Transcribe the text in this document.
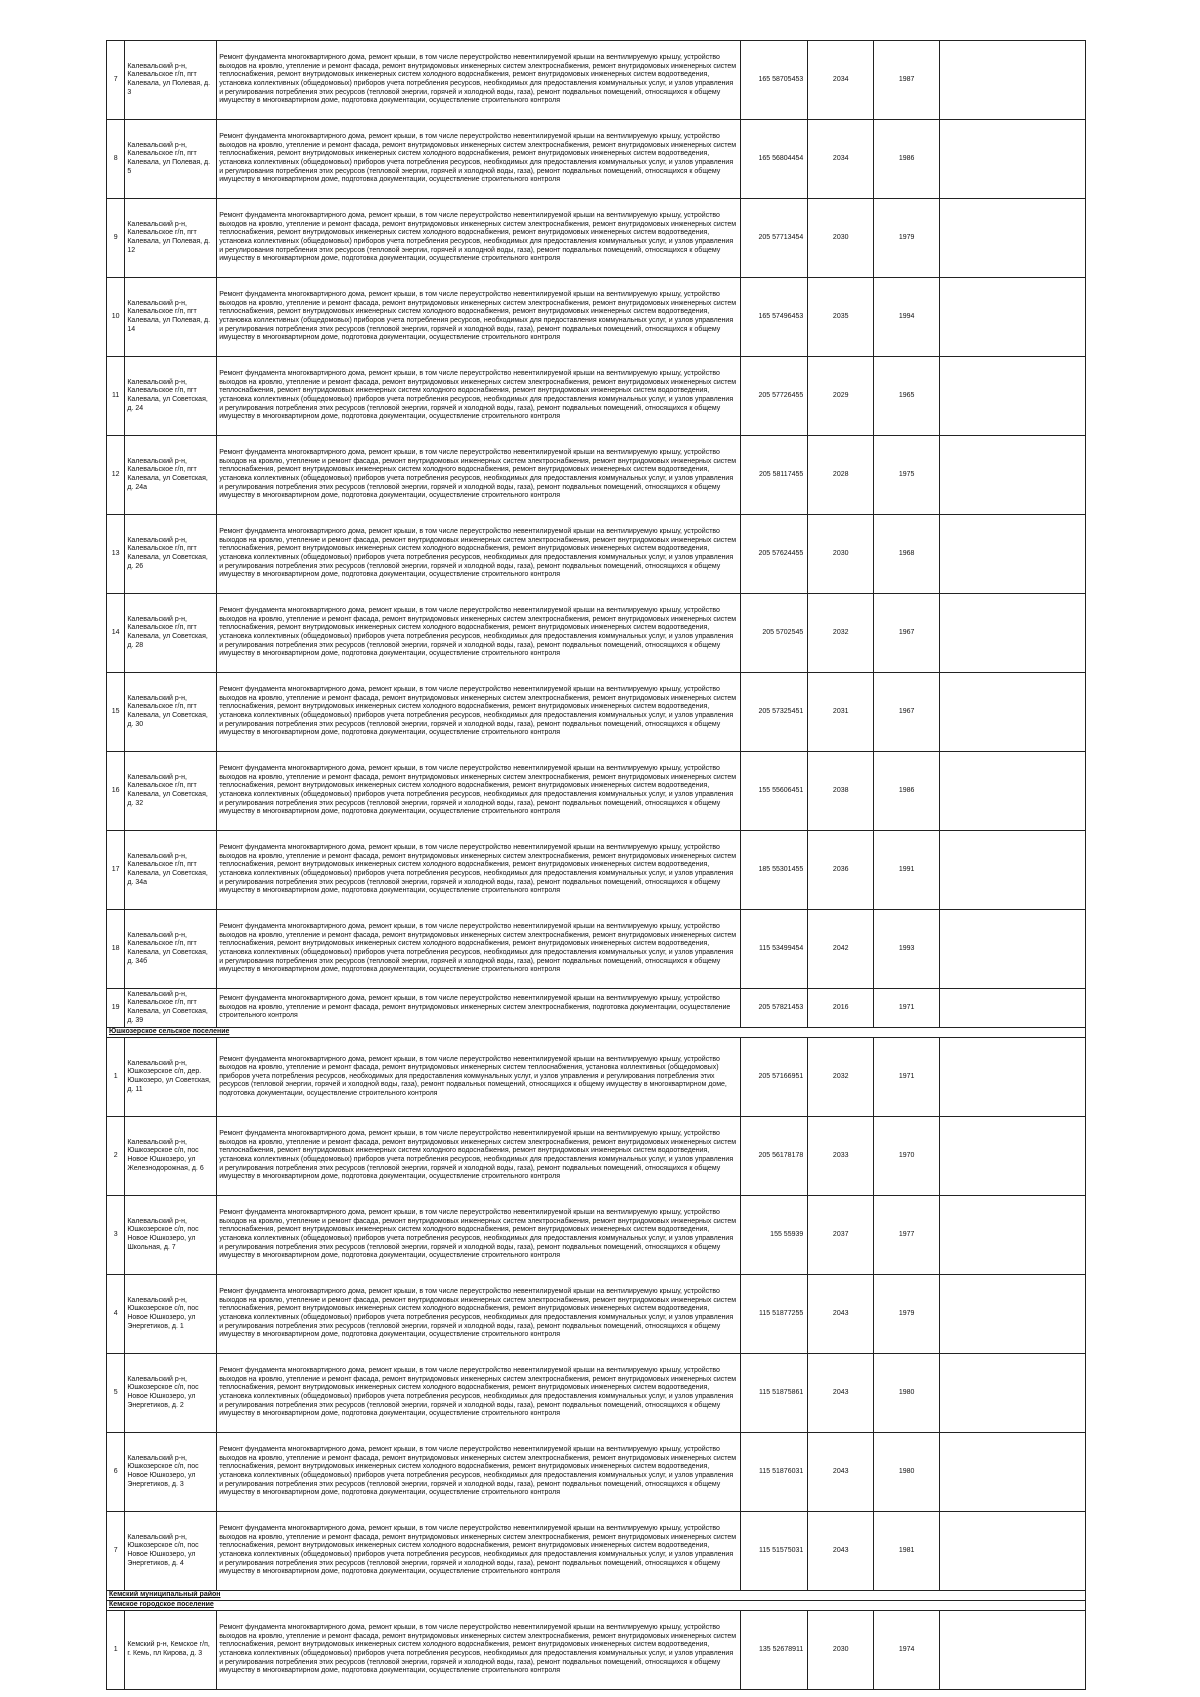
7	Калевальский р-н, Калевальское г/п, пгт Калевала, ул Полевая, д. 3	Ремонт фундамента многоквартирного дома, ремонт крыши, в том числе переустройство невентилируемой крыши на вентилируемую крышу, устройство выходов на кровлю, утепление и ремонт фасада, ремонт внутридомовых инженерных систем электроснабжения, ремонт внутридомовых инженерных систем теплоснабжения, ремонт внутридомовых инженерных систем холодного водоснабжения, ремонт внутридомовых инженерных систем водоотведения, установка коллективных (общедомовых) приборов учета потребления ресурсов, необходимых для предоставления коммунальных услуг, и узлов управления и регулирования потребления этих ресурсов (тепловой энергии, горячей и холодной воды, газа), ремонт подвальных помещений, относящихся к общему имуществу в многоквартирном доме, подготовка документации, осуществление строительного контроля	165 58705453	2034	1987	
8	Калевальский р-н, Калевальское г/п, пгт Калевала, ул Полевая, д. 5	Ремонт фундамента многоквартирного дома, ремонт крыши, в том числе переустройство невентилируемой крыши на вентилируемую крышу, устройство выходов на кровлю, утепление и ремонт фасада, ремонт внутридомовых инженерных систем электроснабжения, ремонт внутридомовых инженерных систем теплоснабжения, ремонт внутридомовых инженерных систем холодного водоснабжения, ремонт внутридомовых инженерных систем водоотведения, установка коллективных (общедомовых) приборов учета потребления ресурсов, необходимых для предоставления коммунальных услуг, и узлов управления и регулирования потребления этих ресурсов (тепловой энергии, горячей и холодной воды, газа), ремонт подвальных помещений, относящихся к общему имуществу в многоквартирном доме, подготовка документации, осуществление строительного контроля	165 56804454	2034	1986	
9	Калевальский р-н, Калевальское г/п, пгт Калевала, ул Полевая, д. 12	Ремонт фундамента многоквартирного дома, ремонт крыши, в том числе переустройство невентилируемой крыши на вентилируемую крышу, устройство выходов на кровлю, утепление и ремонт фасада, ремонт внутридомовых инженерных систем электроснабжения, ремонт внутридомовых инженерных систем теплоснабжения, ремонт внутридомовых инженерных систем холодного водоснабжения, ремонт внутридомовых инженерных систем водоотведения, установка коллективных (общедомовых) приборов учета потребления ресурсов, необходимых для предоставления коммунальных услуг, и узлов управления и регулирования потребления этих ресурсов (тепловой энергии, горячей и холодной воды, газа), ремонт подвальных помещений, относящихся к общему имуществу в многоквартирном доме, подготовка документации, осуществление строительного контроля	205 57713454	2030	1979	
10	Калевальский р-н, Калевальское г/п, пгт Калевала, ул Полевая, д. 14	Ремонт фундамента многоквартирного дома, ремонт крыши, в том числе переустройство невентилируемой крыши на вентилируемую крышу, устройство выходов на кровлю, утепление и ремонт фасада, ремонт внутридомовых инженерных систем электроснабжения, ремонт внутридомовых инженерных систем теплоснабжения, ремонт внутридомовых инженерных систем холодного водоснабжения, ремонт внутридомовых инженерных систем водоотведения, установка коллективных (общедомовых) приборов учета потребления ресурсов, необходимых для предоставления коммунальных услуг, и узлов управления и регулирования потребления этих ресурсов (тепловой энергии, горячей и холодной воды, газа), ремонт подвальных помещений, относящихся к общему имуществу в многоквартирном доме, подготовка документации, осуществление строительного контроля	165 57496453	2035	1994	
11	Калевальский р-н, Калевальское г/п, пгт Калевала, ул Советская, д. 24	Ремонт фундамента многоквартирного дома, ремонт крыши, в том числе переустройство невентилируемой крыши на вентилируемую крышу, устройство выходов на кровлю, утепление и ремонт фасада, ремонт внутридомовых инженерных систем электроснабжения, ремонт внутридомовых инженерных систем теплоснабжения, ремонт внутридомовых инженерных систем холодного водоснабжения, ремонт внутридомовых инженерных систем водоотведения, установка коллективных (общедомовых) приборов учета потребления ресурсов, необходимых для предоставления коммунальных услуг, и узлов управления и регулирования потребления этих ресурсов (тепловой энергии, горячей и холодной воды, газа), ремонт подвальных помещений, относящихся к общему имуществу в многоквартирном доме, подготовка документации, осуществление строительного контроля	205 57726455	2029	1965	
12	Калевальский р-н, Калевальское г/п, пгт Калевала, ул Советская, д. 24а	Ремонт фундамента многоквартирного дома, ремонт крыши, в том числе переустройство невентилируемой крыши на вентилируемую крышу, устройство выходов на кровлю, утепление и ремонт фасада, ремонт внутридомовых инженерных систем электроснабжения, ремонт внутридомовых инженерных систем теплоснабжения, ремонт внутридомовых инженерных систем холодного водоснабжения, ремонт внутридомовых инженерных систем водоотведения, установка коллективных (общедомовых) приборов учета потребления ресурсов, необходимых для предоставления коммунальных услуг, и узлов управления и регулирования потребления этих ресурсов (тепловой энергии, горячей и холодной воды, газа), ремонт подвальных помещений, относящихся к общему имуществу в многоквартирном доме, подготовка документации, осуществление строительного контроля	205 58117455	2028	1975	
13	Калевальский р-н, Калевальское г/п, пгт Калевала, ул Советская, д. 26	Ремонт фундамента многоквартирного дома, ремонт крыши, в том числе переустройство невентилируемой крыши на вентилируемую крышу, устройство выходов на кровлю, утепление и ремонт фасада, ремонт внутридомовых инженерных систем электроснабжения, ремонт внутридомовых инженерных систем теплоснабжения, ремонт внутридомовых инженерных систем холодного водоснабжения, ремонт внутридомовых инженерных систем водоотведения, установка коллективных (общедомовых) приборов учета потребления ресурсов, необходимых для предоставления коммунальных услуг, и узлов управления и регулирования потребления этих ресурсов (тепловой энергии, горячей и холодной воды, газа), ремонт подвальных помещений, относящихся к общему имуществу в многоквартирном доме, подготовка документации, осуществление строительного контроля	205 57624455	2030	1968	
14	Калевальский р-н, Калевальское г/п, пгт Калевала, ул Советская, д. 28	Ремонт фундамента многоквартирного дома, ремонт крыши, в том числе переустройство невентилируемой крыши на вентилируемую крышу, устройство выходов на кровлю, утепление и ремонт фасада, ремонт внутридомовых инженерных систем электроснабжения, ремонт внутридомовых инженерных систем теплоснабжения, ремонт внутридомовых инженерных систем холодного водоснабжения, ремонт внутридомовых инженерных систем водоотведения, установка коллективных (общедомовых) приборов учета потребления ресурсов, необходимых для предоставления коммунальных услуг, и узлов управления и регулирования потребления этих ресурсов (тепловой энергии, горячей и холодной воды, газа), ремонт подвальных помещений, относящихся к общему имуществу в многоквартирном доме, подготовка документации, осуществление строительного контроля	205 5702545	2032	1967	
15	Калевальский р-н, Калевальское г/п, пгт Калевала, ул Советская, д. 30	Ремонт фундамента многоквартирного дома, ремонт крыши, в том числе переустройство невентилируемой крыши на вентилируемую крышу, устройство выходов на кровлю, утепление и ремонт фасада, ремонт внутридомовых инженерных систем электроснабжения, ремонт внутридомовых инженерных систем теплоснабжения, ремонт внутридомовых инженерных систем холодного водоснабжения, ремонт внутридомовых инженерных систем водоотведения, установка коллективных (общедомовых) приборов учета потребления ресурсов, необходимых для предоставления коммунальных услуг, и узлов управления и регулирования потребления этих ресурсов (тепловой энергии, горячей и холодной воды, газа), ремонт подвальных помещений, относящихся к общему имуществу в многоквартирном доме, подготовка документации, осуществление строительного контроля	205 57325451	2031	1967	
16	Калевальский р-н, Калевальское г/п, пгт Калевала, ул Советская, д. 32	Ремонт фундамента многоквартирного дома, ремонт крыши, в том числе переустройство невентилируемой крыши на вентилируемую крышу, устройство выходов на кровлю, утепление и ремонт фасада, ремонт внутридомовых инженерных систем электроснабжения, ремонт внутридомовых инженерных систем теплоснабжения, ремонт внутридомовых инженерных систем холодного водоснабжения, ремонт внутридомовых инженерных систем водоотведения, установка коллективных (общедомовых) приборов учета потребления ресурсов, необходимых для предоставления коммунальных услуг, и узлов управления и регулирования потребления этих ресурсов (тепловой энергии, горячей и холодной воды, газа), ремонт подвальных помещений, относящихся к общему имуществу в многоквартирном доме, подготовка документации, осуществление строительного контроля	155 55606451	2038	1986	
17	Калевальский р-н, Калевальское г/п, пгт Калевала, ул Советская, д. 34а	Ремонт фундамента многоквартирного дома, ремонт крыши, в том числе переустройство невентилируемой крыши на вентилируемую крышу, устройство выходов на кровлю, утепление и ремонт фасада, ремонт внутридомовых инженерных систем электроснабжения, ремонт внутридомовых инженерных систем теплоснабжения, ремонт внутридомовых инженерных систем холодного водоснабжения, ремонт внутридомовых инженерных систем водоотведения, установка коллективных (общедомовых) приборов учета потребления ресурсов, необходимых для предоставления коммунальных услуг, и узлов управления и регулирования потребления этих ресурсов (тепловой энергии, горячей и холодной воды, газа), ремонт подвальных помещений, относящихся к общему имуществу в многоквартирном доме, подготовка документации, осуществление строительного контроля	185 55301455	2036	1991	
18	Калевальский р-н, Калевальское г/п, пгт Калевала, ул Советская, д. 34б	Ремонт фундамента многоквартирного дома, ремонт крыши, в том числе переустройство невентилируемой крыши на вентилируемую крышу, устройство выходов на кровлю, утепление и ремонт фасада, ремонт внутридомовых инженерных систем электроснабжения, ремонт внутридомовых инженерных систем теплоснабжения, ремонт внутридомовых инженерных систем холодного водоснабжения, ремонт внутридомовых инженерных систем водоотведения, установка коллективных (общедомовых) приборов учета потребления ресурсов, необходимых для предоставления коммунальных услуг, и узлов управления и регулирования потребления этих ресурсов (тепловой энергии, горячей и холодной воды, газа), ремонт подвальных помещений, относящихся к общему имуществу в многоквартирном доме, подготовка документации, осуществление строительного контроля	115 53499454	2042	1993	
19	Калевальский р-н, Калевальское г/п, пгт Калевала, ул Советская, д. 39	Ремонт фундамента многоквартирного дома, ремонт крыши, в том числе переустройство невентилируемой крыши на вентилируемую крышу, устройство выходов на кровлю, утепление и ремонт фасада, ремонт внутридомовых инженерных систем электроснабжения, подготовка документации, осуществление строительного контроля	205 57821453	2016	1971	
Юшкозерское сельское поселение						
1	Калевальский р-н, Юшкозерское с/п, дер. Юшкозеро, ул Советская, д. 11	Ремонт фундамента многоквартирного дома, ремонт крыши, в том числе переустройство невентилируемой крыши на вентилируемую крышу, устройство выходов на кровлю, утепление и ремонт фасада, ремонт внутридомовых инженерных систем теплоснабжения, установка коллективных (общедомовых) приборов учета потребления ресурсов, необходимых для предоставления коммунальных услуг, и узлов управления и регулирования потребления этих ресурсов (тепловой энергии, горячей и холодной воды, газа), ремонт подвальных помещений, относящихся к общему имуществу в многоквартирном доме, подготовка документации, осуществление строительного контроля	205 57166951	2032	1971	
2	Калевальский р-н, Юшкозерское с/п, пос Новое Юшкозеро, ул Железнодорожная, д. 6	Ремонт фундамента многоквартирного дома, ремонт крыши, в том числе переустройство невентилируемой крыши на вентилируемую крышу, устройство выходов на кровлю, утепление и ремонт фасада, ремонт внутридомовых инженерных систем электроснабжения, ремонт внутридомовых инженерных систем теплоснабжения, ремонт внутридомовых инженерных систем холодного водоснабжения, ремонт внутридомовых инженерных систем водоотведения, установка коллективных (общедомовых) приборов учета потребления ресурсов, необходимых для предоставления коммунальных услуг, и узлов управления и регулирования потребления этих ресурсов (тепловой энергии, горячей и холодной воды, газа), ремонт подвальных помещений, относящихся к общему имуществу в многоквартирном доме, подготовка документации, осуществление строительного контроля	205 56178178	2033	1970	
3	Калевальский р-н, Юшкозерское с/п, пос Новое Юшкозеро, ул Школьная, д. 7	Ремонт фундамента многоквартирного дома, ремонт крыши, в том числе переустройство невентилируемой крыши на вентилируемую крышу, устройство выходов на кровлю, утепление и ремонт фасада, ремонт внутридомовых инженерных систем электроснабжения, ремонт внутридомовых инженерных систем теплоснабжения, ремонт внутридомовых инженерных систем холодного водоснабжения, ремонт внутридомовых инженерных систем водоотведения, установка коллективных (общедомовых) приборов учета потребления ресурсов, необходимых для предоставления коммунальных услуг, и узлов управления и регулирования потребления этих ресурсов (тепловой энергии, горячей и холодной воды, газа), ремонт подвальных помещений, относящихся к общему имуществу в многоквартирном доме, подготовка документации, осуществление строительного контроля	155 55939	2037	1977	
4	Калевальский р-н, Юшкозерское с/п, пос Новое Юшкозеро, ул Энергетиков, д. 1	Ремонт фундамента многоквартирного дома, ремонт крыши, в том числе переустройство невентилируемой крыши на вентилируемую крышу, устройство выходов на кровлю, утепление и ремонт фасада, ремонт внутридомовых инженерных систем электроснабжения, ремонт внутридомовых инженерных систем теплоснабжения, ремонт внутридомовых инженерных систем холодного водоснабжения, ремонт внутридомовых инженерных систем водоотведения, установка коллективных (общедомовых) приборов учета потребления ресурсов, необходимых для предоставления коммунальных услуг, и узлов управления и регулирования потребления этих ресурсов (тепловой энергии, горячей и холодной воды, газа), ремонт подвальных помещений, относящихся к общему имуществу в многоквартирном доме, подготовка документации, осуществление строительного контроля	115 51877255	2043	1979	
5	Калевальский р-н, Юшкозерское с/п, пос Новое Юшкозеро, ул Энергетиков, д. 2	Ремонт фундамента многоквартирного дома, ремонт крыши, в том числе переустройство невентилируемой крыши на вентилируемую крышу, устройство выходов на кровлю, утепление и ремонт фасада, ремонт внутридомовых инженерных систем электроснабжения, ремонт внутридомовых инженерных систем теплоснабжения, ремонт внутридомовых инженерных систем холодного водоснабжения, ремонт внутридомовых инженерных систем водоотведения, установка коллективных (общедомовых) приборов учета потребления ресурсов, необходимых для предоставления коммунальных услуг, и узлов управления и регулирования потребления этих ресурсов (тепловой энергии, горячей и холодной воды, газа), ремонт подвальных помещений, относящихся к общему имуществу в многоквартирном доме, подготовка документации, осуществление строительного контроля	115 51875861	2043	1980	
6	Калевальский р-н, Юшкозерское с/п, пос Новое Юшкозеро, ул Энергетиков, д. 3	Ремонт фундамента многоквартирного дома, ремонт крыши, в том числе переустройство невентилируемой крыши на вентилируемую крышу, устройство выходов на кровлю, утепление и ремонт фасада, ремонт внутридомовых инженерных систем электроснабжения, ремонт внутридомовых инженерных систем теплоснабжения, ремонт внутридомовых инженерных систем холодного водоснабжения, ремонт внутридомовых инженерных систем водоотведения, установка коллективных (общедомовых) приборов учета потребления ресурсов, необходимых для предоставления коммунальных услуг, и узлов управления и регулирования потребления этих ресурсов (тепловой энергии, горячей и холодной воды, газа), ремонт подвальных помещений, относящихся к общему имуществу в многоквартирном доме, подготовка документации, осуществление строительного контроля	115 51876031	2043	1980	
7	Калевальский р-н, Юшкозерское с/п, пос Новое Юшкозеро, ул Энергетиков, д. 4	Ремонт фундамента многоквартирного дома, ремонт крыши, в том числе переустройство невентилируемой крыши на вентилируемую крышу, устройство выходов на кровлю, утепление и ремонт фасада, ремонт внутридомовых инженерных систем электроснабжения, ремонт внутридомовых инженерных систем теплоснабжения, ремонт внутридомовых инженерных систем холодного водоснабжения, ремонт внутридомовых инженерных систем водоотведения, установка коллективных (общедомовых) приборов учета потребления ресурсов, необходимых для предоставления коммунальных услуг, и узлов управления и регулирования потребления этих ресурсов (тепловой энергии, горячей и холодной воды, газа), ремонт подвальных помещений, относящихся к общему имуществу в многоквартирном доме, подготовка документации, осуществление строительного контроля	115 51575031	2043	1981	
Кемский муниципальный район						
Кемское городское поселение						
1	Кемский р-н, Кемское г/п, г. Кемь, пл Кирова, д. 3	Ремонт фундамента многоквартирного дома, ремонт крыши, в том числе переустройство невентилируемой крыши на вентилируемую крышу, устройство выходов на кровлю, утепление и ремонт фасада, ремонт внутридомовых инженерных систем электроснабжения, ремонт внутридомовых инженерных систем теплоснабжения, ремонт внутридомовых инженерных систем холодного водоснабжения, ремонт внутридомовых инженерных систем водоотведения, установка коллективных (общедомовых) приборов учета потребления ресурсов, необходимых для предоставления коммунальных услуг, и узлов управления и регулирования потребления этих ресурсов (тепловой энергии, горячей и холодной воды, газа), ремонт подвальных помещений, относящихся к общему имуществу в многоквартирном доме, подготовка документации, осуществление строительного контроля	135 52678911	2030	1974	
